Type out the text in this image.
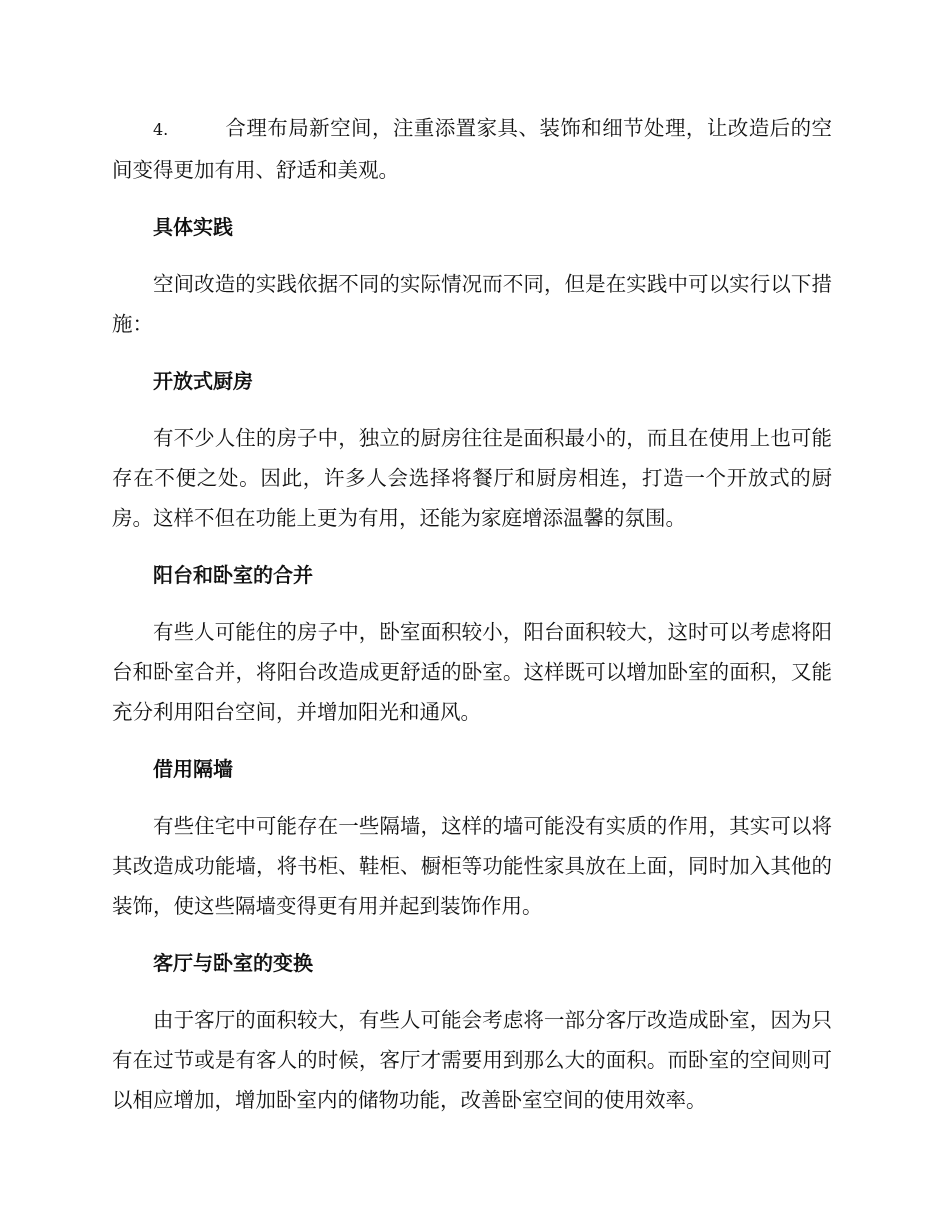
4.	合理布局新空间，注重添置家具、装饰和细节处理，让改造后的空间变得更加有用、舒适和美观。

具体实践

空间改造的实践依据不同的实际情况而不同，但是在实践中可以实行以下措施：

开放式厨房

有不少人住的房子中，独立的厨房往往是面积最小的，而且在使用上也可能存在不便之处。因此，许多人会选择将餐厅和厨房相连，打造一个开放式的厨房。这样不但在功能上更为有用，还能为家庭增添温馨的氛围。

阳台和卧室的合并

有些人可能住的房子中，卧室面积较小，阳台面积较大，这时可以考虑将阳台和卧室合并，将阳台改造成更舒适的卧室。这样既可以增加卧室的面积，又能充分利用阳台空间，并增加阳光和通风。

借用隔墙

有些住宅中可能存在一些隔墙，这样的墙可能没有实质的作用，其实可以将其改造成功能墙，将书柜、鞋柜、橱柜等功能性家具放在上面，同时加入其他的装饰，使这些隔墙变得更有用并起到装饰作用。

客厅与卧室的变换

由于客厅的面积较大，有些人可能会考虑将一部分客厅改造成卧室，因为只有在过节或是有客人的时候，客厅才需要用到那么大的面积。而卧室的空间则可以相应增加，增加卧室内的储物功能，改善卧室空间的使用效率。
